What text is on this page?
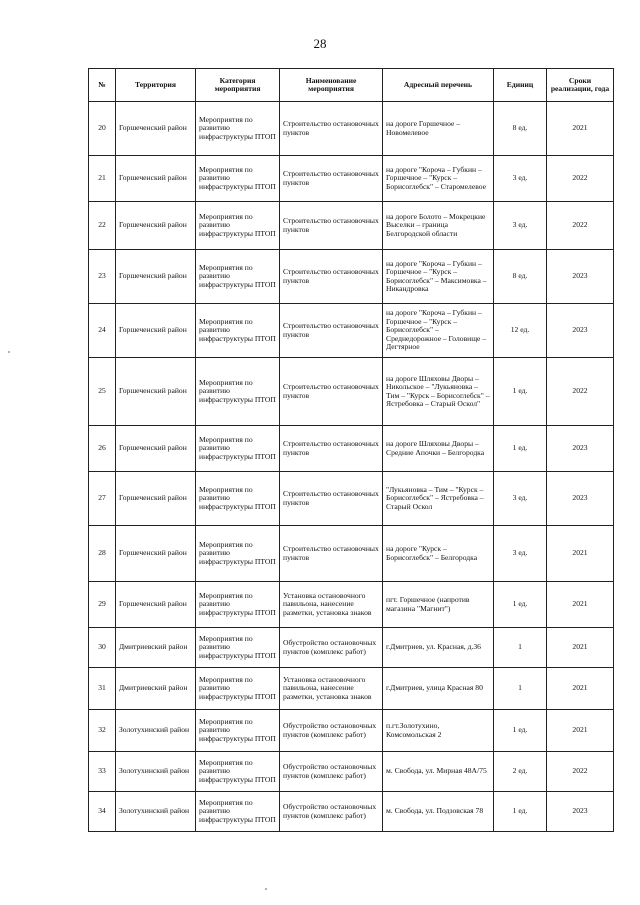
28
№	Территория	Категория мероприятия	Наименование мероприятия	Адресный перечень	Единиц	Сроки реализации, года
20	Горшеченский район	Мероприятия по развитию инфраструктуры ПТОП	Строительство остановочных пунктов	на дороге Горшечное – Новомелевое	8 ед.	2021
21	Горшеченский район	Мероприятия по развитию инфраструктуры ПТОП	Строительство остановочных пунктов	на дороге "Короча – Губкин – Горшечное – "Курск – Борисоглебск" – Старомелевое	3 ед.	2022
22	Горшеченский район	Мероприятия по развитию инфраструктуры ПТОП	Строительство остановочных пунктов	на дороге Болото – Мокрецкие Выселки – граница Белгородской области	3 ед.	2022
23	Горшеченский район	Мероприятия по развитию инфраструктуры ПТОП	Строительство остановочных пунктов	на дороге "Короча – Губкин – Горшечное – "Курск – Борисоглебск" – Максимовка – Никандровка	8 ед.	2023
24	Горшеченский район	Мероприятия по развитию инфраструктуры ПТОП	Строительство остановочных пунктов	на дороге "Короча – Губкин – Горшечное – "Курск – Борисоглебск" – Среднедорожное – Головище – Дегтярное	12 ед.	2023
25	Горшеченский район	Мероприятия по развитию инфраструктуры ПТОП	Строительство остановочных пунктов	на дороге Шляховы Дворы – Никольское – "Лукьяновка – Тим – "Курск – Борисоглебск" – Ястребовка – Старый Оскол"	1 ед.	2022
26	Горшеченский район	Мероприятия по развитию инфраструктуры ПТОП	Строительство остановочных пунктов	на дороге Шляховы Дворы – Средние Апочки – Белгородка	1 ед.	2023
27	Горшеченский район	Мероприятия по развитию инфраструктуры ПТОП	Строительство остановочных пунктов	"Лукьяновка – Тим – "Курск – Борисоглебск" – Ястребовка – Старый Оскол	3 ед.	2023
28	Горшеченский район	Мероприятия по развитию инфраструктуры ПТОП	Строительство остановочных пунктов	на дороге "Курск – Борисоглебск" – Белгородка	3 ед.	2021
29	Горшеченский район	Мероприятия по развитию инфраструктуры ПТОП	Установка остановочного павильона, нанесение разметки, установка знаков	пгт. Горшечное (напротив магазина "Магнит")	1 ед.	2021
30	Дмитриевский район	Мероприятия по развитию инфраструктуры ПТОП	Обустройство остановочных пунктов (комплекс работ)	г.Дмитриев, ул. Красная, д.36	1	2021
31	Дмитриевский район	Мероприятия по развитию инфраструктуры ПТОП	Установка остановочного павильона, нанесение разметки, установка знаков	г.Дмитриев, улица Красная 80	1	2021
32	Золотухинский район	Мероприятия по развитию инфраструктуры ПТОП	Обустройство остановочных пунктов (комплекс работ)	п.гт.Золотухино, Комсомольская 2	1 ед.	2021
33	Золотухинский район	Мероприятия по развитию инфраструктуры ПТОП	Обустройство остановочных пунктов (комплекс работ)	м. Свобода, ул. Мирная 48А/75	2 ед.	2022
34	Золотухинский район	Мероприятия по развитию инфраструктуры ПТОП	Обустройство остановочных пунктов (комплекс работ)	м. Свобода, ул. Подзовская 78	1 ед.	2023
